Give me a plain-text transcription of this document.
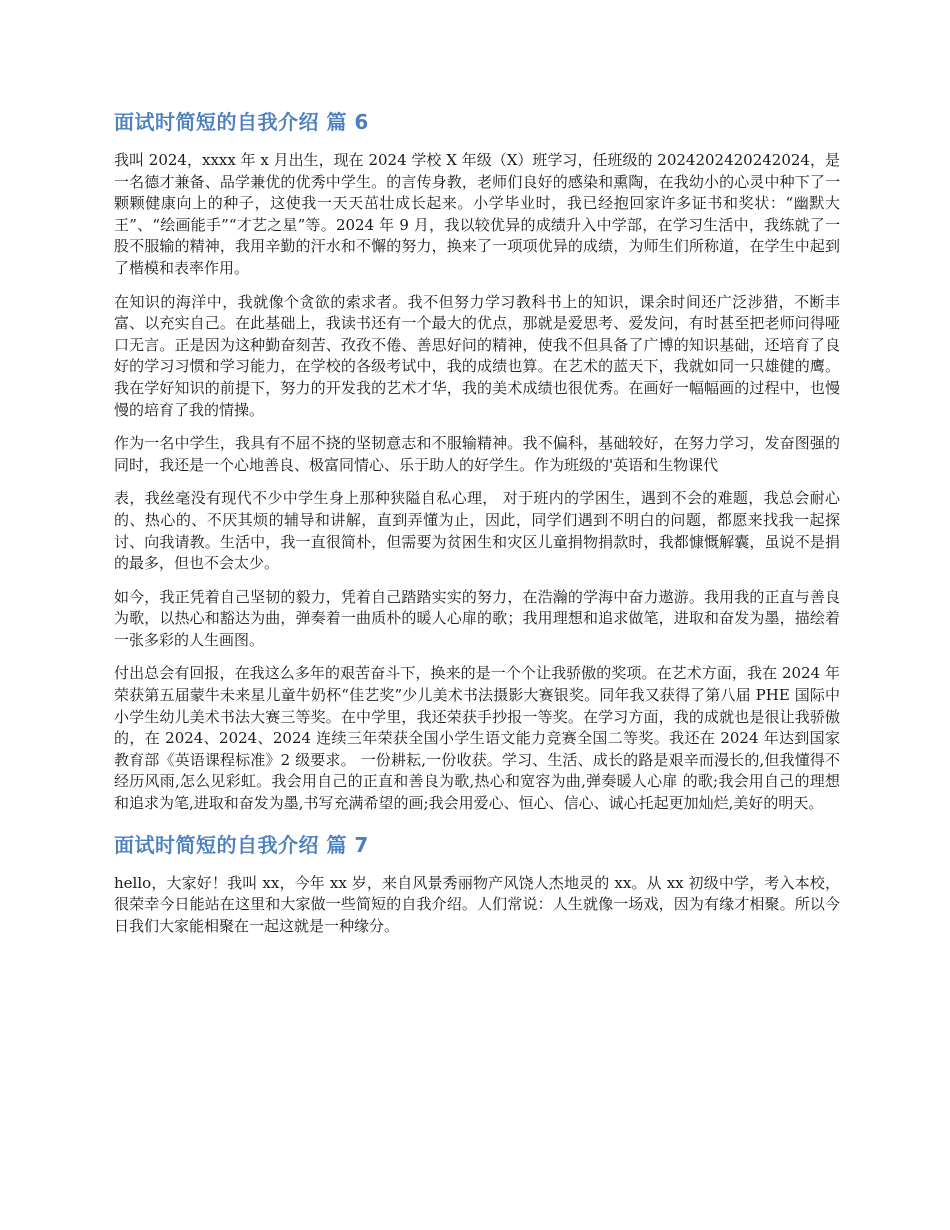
面试时简短的自我介绍 篇 6

我叫 2024，xxxx 年 x 月出生，现在 2024 学校 X 年级（X）班学习，任班级的 2024202420242024，是一名德才兼备、品学兼优的优秀中学生。的言传身教，老师们良好的感染和熏陶，在我幼小的心灵中种下了一颗颗健康向上的种子，这使我一天天茁壮成长起来。小学毕业时，我已经抱回家许多证书和奖状：“幽默大王”、“绘画能手”“才艺之星”等。2024 年 9 月，我以较优异的成绩升入中学部，在学习生活中，我练就了一股不服输的精神，我用辛勤的汗水和不懈的努力，换来了一项项优异的成绩，为师生们所称道，在学生中起到了楷模和表率作用。

在知识的海洋中，我就像个贪欲的索求者。我不但努力学习教科书上的知识，课余时间还广泛涉猎，不断丰富、以充实自己。在此基础上，我读书还有一个最大的优点，那就是爱思考、爱发问，有时甚至把老师问得哑口无言。正是因为这种勤奋刻苦、孜孜不倦、善思好问的精神，使我不但具备了广博的知识基础，还培育了良好的学习习惯和学习能力，在学校的各级考试中，我的成绩也算。在艺术的蓝天下，我就如同一只雄健的鹰。我在学好知识的前提下，努力的开发我的艺术才华，我的美术成绩也很优秀。在画好一幅幅画的过程中，也慢慢的培育了我的情操。

作为一名中学生，我具有不屈不挠的坚韧意志和不服输精神。我不偏科，基础较好，在努力学习，发奋图强的同时，我还是一个心地善良、极富同情心、乐于助人的好学生。作为班级的'英语和生物课代

表，我丝毫没有现代不少中学生身上那种狭隘自私心理， 对于班内的学困生，遇到不会的难题，我总会耐心的、热心的、不厌其烦的辅导和讲解，直到弄懂为止，因此，同学们遇到不明白的问题，都愿来找我一起探讨、向我请教。生活中，我一直很简朴，但需要为贫困生和灾区儿童捐物捐款时，我都慷慨解囊，虽说不是捐的最多，但也不会太少。

如今，我正凭着自己坚韧的毅力，凭着自己踏踏实实的努力，在浩瀚的学海中奋力遨游。我用我的正直与善良为歌，以热心和豁达为曲，弹奏着一曲质朴的暖人心扉的歌；我用理想和追求做笔，进取和奋发为墨，描绘着一张多彩的人生画图。

付出总会有回报，在我这么多年的艰苦奋斗下，换来的是一个个让我骄傲的奖项。在艺术方面，我在 2024 年荣获第五届蒙牛未来星儿童牛奶杯“佳艺奖”少儿美术书法摄影大赛银奖。同年我又获得了第八届 PHE 国际中小学生幼儿美术书法大赛三等奖。在中学里，我还荣获手抄报一等奖。在学习方面，我的成就也是很让我骄傲的，在 2024、2024、2024 连续三年荣获全国小学生语文能力竞赛全国二等奖。我还在 2024 年达到国家教育部《英语课程标准》2 级要求。 一份耕耘,一份收获。学习、生活、成长的路是艰辛而漫长的,但我懂得不经历风雨,怎么见彩虹。我会用自己的正直和善良为歌,热心和宽容为曲,弹奏暖人心扉 的歌;我会用自己的理想和追求为笔,进取和奋发为墨,书写充满希望的画;我会用爱心、恒心、信心、诚心托起更加灿烂,美好的明天。

面试时简短的自我介绍 篇 7

hello，大家好！我叫 xx，今年 xx 岁，来自风景秀丽物产风饶人杰地灵的 xx。从 xx 初级中学，考入本校，很荣幸今日能站在这里和大家做一些简短的自我介绍。人们常说：人生就像一场戏，因为有缘才相聚。所以今日我们大家能相聚在一起这就是一种缘分。
